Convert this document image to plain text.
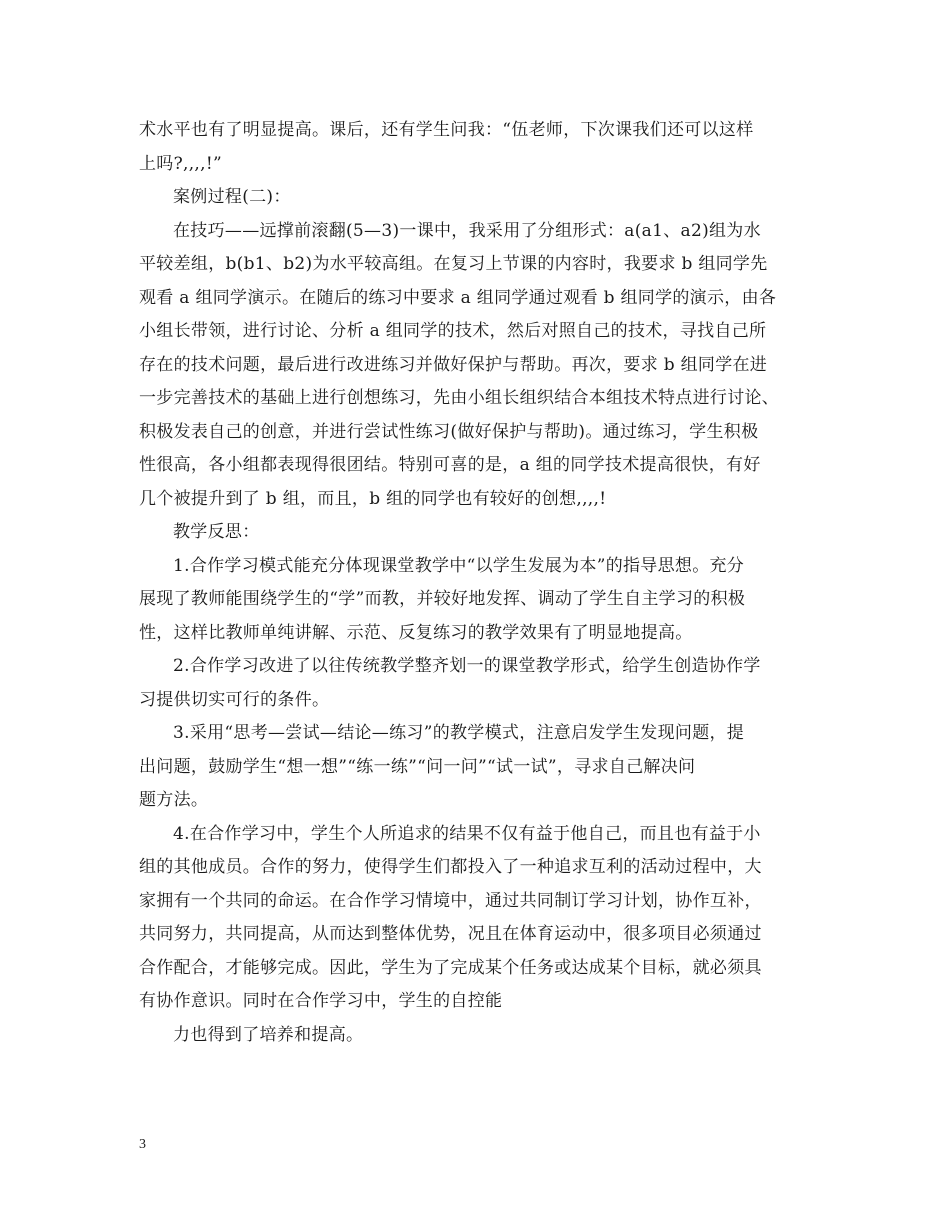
术水平也有了明显提高。课后，还有学生问我：“伍老师，下次课我们还可以这样
上吗?,,,,!”
案例过程(二)：
在技巧——远撑前滚翻(5—3)一课中，我采用了分组形式：a(a1、a2)组为水
平较差组，b(b1、b2)为水平较高组。在复习上节课的内容时，我要求 b 组同学先
观看 a 组同学演示。在随后的练习中要求 a 组同学通过观看 b 组同学的演示，由各
小组长带领，进行讨论、分析 a 组同学的技术，然后对照自己的技术，寻找自己所
存在的技术问题，最后进行改进练习并做好保护与帮助。再次，要求 b 组同学在进
一步完善技术的基础上进行创想练习，先由小组长组织结合本组技术特点进行讨论、
积极发表自己的创意，并进行尝试性练习(做好保护与帮助)。通过练习，学生积极
性很高，各小组都表现得很团结。特别可喜的是，a 组的同学技术提高很快，有好
几个被提升到了 b 组，而且，b 组的同学也有较好的创想,,,,!
教学反思：
1.合作学习模式能充分体现课堂教学中“以学生发展为本”的指导思想。充分
展现了教师能围绕学生的“学”而教，并较好地发挥、调动了学生自主学习的积极
性，这样比教师单纯讲解、示范、反复练习的教学效果有了明显地提高。
2.合作学习改进了以往传统教学整齐划一的课堂教学形式，给学生创造协作学
习提供切实可行的条件。
3.采用“思考—尝试—结论—练习”的教学模式，注意启发学生发现问题，提
出问题，鼓励学生“想一想”“练一练”“问一问”“试一试”，寻求自己解决问
题方法。
4.在合作学习中，学生个人所追求的结果不仅有益于他自己，而且也有益于小
组的其他成员。合作的努力，使得学生们都投入了一种追求互利的活动过程中，大
家拥有一个共同的命运。在合作学习情境中，通过共同制订学习计划，协作互补，
共同努力，共同提高，从而达到整体优势，况且在体育运动中，很多项目必须通过
合作配合，才能够完成。因此，学生为了完成某个任务或达成某个目标，就必须具
有协作意识。同时在合作学习中，学生的自控能
力也得到了培养和提高。
3
